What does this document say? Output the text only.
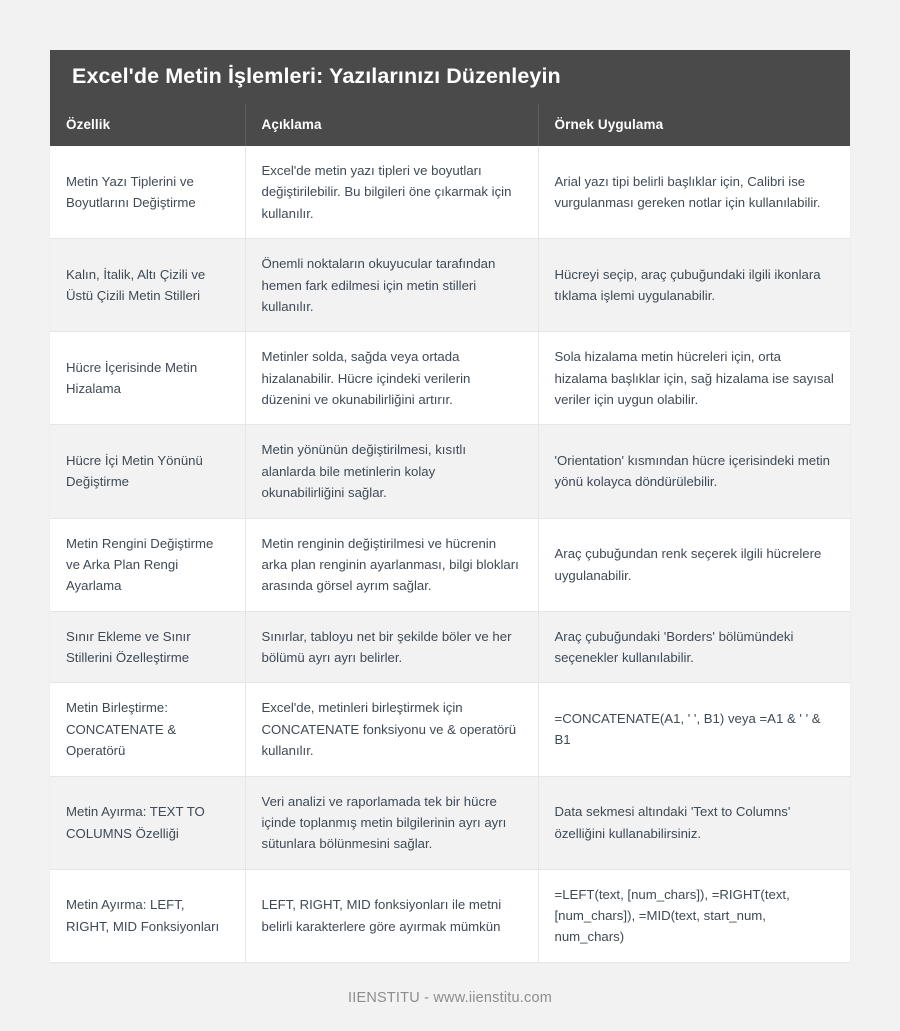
Excel'de Metin İşlemleri: Yazılarınızı Düzenleyin
Özellik	Açıklama	Örnek Uygulama
Metin Yazı Tiplerini ve Boyutlarını Değiştirme	Excel'de metin yazı tipleri ve boyutları değiştirilebilir. Bu bilgileri öne çıkarmak için kullanılır.	Arial yazı tipi belirli başlıklar için, Calibri ise vurgulanması gereken notlar için kullanılabilir.
Kalın, İtalik, Altı Çizili ve Üstü Çizili Metin Stilleri	Önemli noktaların okuyucular tarafından hemen fark edilmesi için metin stilleri kullanılır.	Hücreyi seçip, araç çubuğundaki ilgili ikonlara tıklama işlemi uygulanabilir.
Hücre İçerisinde Metin Hizalama	Metinler solda, sağda veya ortada hizalanabilir. Hücre içindeki verilerin düzenini ve okunabilirliğini artırır.	Sola hizalama metin hücreleri için, orta hizalama başlıklar için, sağ hizalama ise sayısal veriler için uygun olabilir.
Hücre İçi Metin Yönünü Değiştirme	Metin yönünün değiştirilmesi, kısıtlı alanlarda bile metinlerin kolay okunabilirliğini sağlar.	'Orientation' kısmından hücre içerisindeki metin yönü kolayca döndürülebilir.
Metin Rengini Değiştirme ve Arka Plan Rengi Ayarlama	Metin renginin değiştirilmesi ve hücrenin arka plan renginin ayarlanması, bilgi blokları arasında görsel ayrım sağlar.	Araç çubuğundan renk seçerek ilgili hücrelere uygulanabilir.
Sınır Ekleme ve Sınır Stillerini Özelleştirme	Sınırlar, tabloyu net bir şekilde böler ve her bölümü ayrı ayrı belirler.	Araç çubuğundaki 'Borders' bölümündeki seçenekler kullanılabilir.
Metin Birleştirme: CONCATENATE & Operatörü	Excel'de, metinleri birleştirmek için CONCATENATE fonksiyonu ve & operatörü kullanılır.	=CONCATENATE(A1, ' ', B1) veya =A1 & ' ' & B1
Metin Ayırma: TEXT TO COLUMNS Özelliği	Veri analizi ve raporlamada tek bir hücre içinde toplanmış metin bilgilerinin ayrı ayrı sütunlara bölünmesini sağlar.	Data sekmesi altındaki 'Text to Columns' özelliğini kullanabilirsiniz.
Metin Ayırma: LEFT, RIGHT, MID Fonksiyonları	LEFT, RIGHT, MID fonksiyonları ile metni belirli karakterlere göre ayırmak mümkün	=LEFT(text, [num_chars]), =RIGHT(text, [num_chars]), =MID(text, start_num, num_chars)
IIENSTITU - www.iienstitu.com
